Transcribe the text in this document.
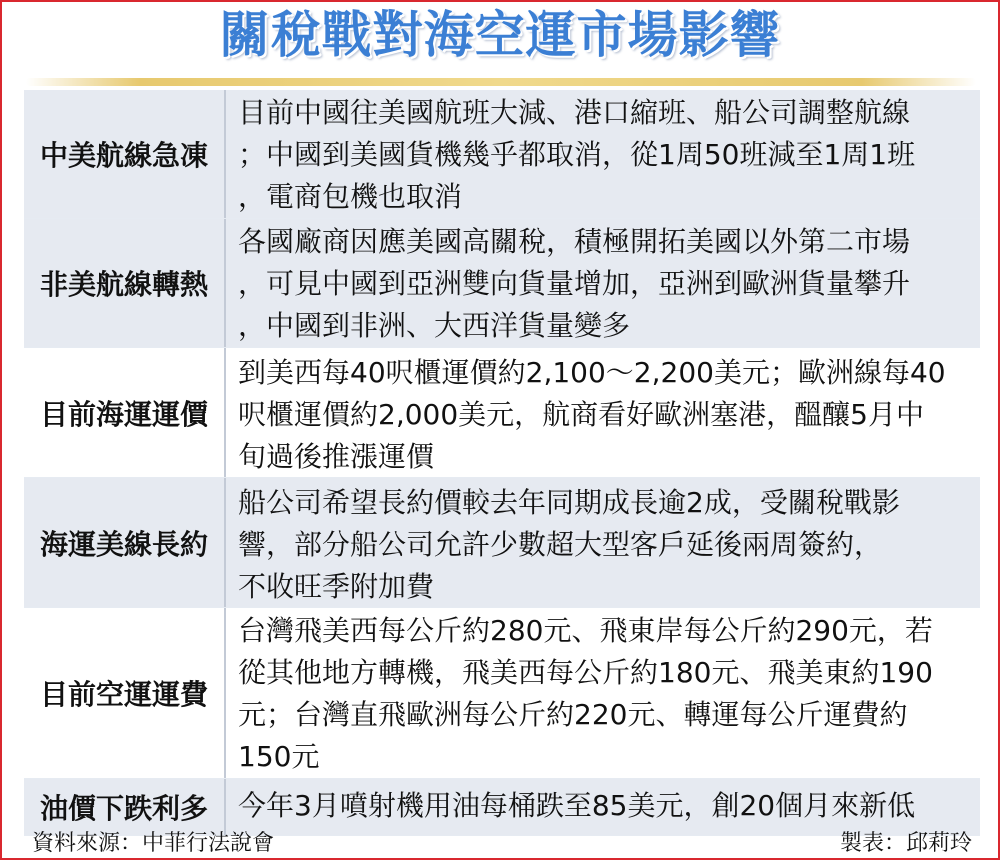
關稅戰對海空運市場影響
中美航線急凍
目前中國往美國航班大減、港口縮班、船公司調整航線
；中國到美國貨機幾乎都取消，從1周50班減至1周1班
，電商包機也取消
非美航線轉熱
各國廠商因應美國高關稅，積極開拓美國以外第二市場
，可見中國到亞洲雙向貨量增加，亞洲到歐洲貨量攀升
，中國到非洲、大西洋貨量變多
目前海運運價
到美西每40呎櫃運價約2,100～2,200美元；歐洲線每40
呎櫃運價約2,000美元，航商看好歐洲塞港，醞釀5月中
旬過後推漲運價
海運美線長約
船公司希望長約價較去年同期成長逾2成，受關稅戰影
響，部分船公司允許少數超大型客戶延後兩周簽約，
不收旺季附加費
目前空運運費
台灣飛美西每公斤約280元、飛東岸每公斤約290元，若
從其他地方轉機，飛美西每公斤約180元、飛美東約190
元；台灣直飛歐洲每公斤約220元、轉運每公斤運費約
150元
油價下跌利多	今年3月噴射機用油每桶跌至85美元，創20個月來新低
資料來源：中菲行法說會	製表：邱莉玲
